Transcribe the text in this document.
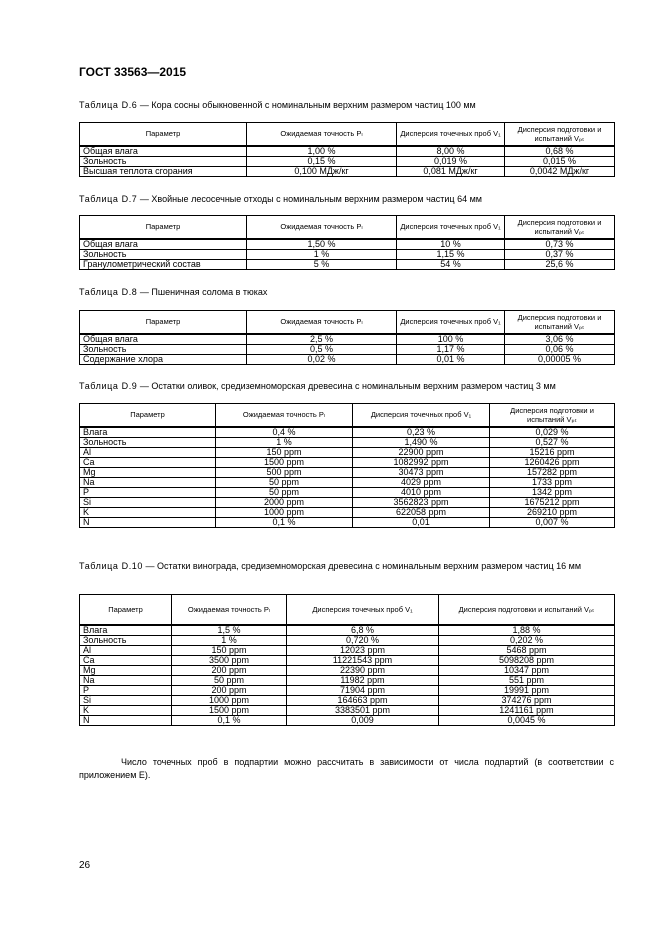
ГОСТ 33563—2015
Таблица D.6 — Кора сосны обыкновенной с номинальным верхним размером частиц 100 мм
Параметр	Ожидаемая точность Pₗ	Дисперсия точечных проб V₁	Дисперсия подготовки и испытаний Vₚₜ
Общая влага	1,00 %	8,00 %	0,68 %
Зольность	0,15 %	0,019 %	0,015 %
Высшая теплота сгорания	0,100 МДж/кг	0,081 МДж/кг	0,0042 МДж/кг
Таблица D.7 — Хвойные лесосечные отходы с номинальным верхним размером частиц 64 мм
Параметр	Ожидаемая точность Pₗ	Дисперсия точечных проб V₁	Дисперсия подготовки и испытаний Vₚₜ
Общая влага	1,50 %	10 %	0,73 %
Зольность	1 %	1,15 %	0,37 %
Гранулометрический состав	5 %	54 %	25,6 %
Таблица D.8 — Пшеничная солома в тюках
Параметр	Ожидаемая точность Pₗ	Дисперсия точечных проб V₁	Дисперсия подготовки и испытаний Vₚₜ
Общая влага	2,5 %	100 %	3,06 %
Зольность	0,5 %	1,17 %	0,06 %
Содержание хлора	0,02 %	0,01 %	0,00005 %
Таблица D.9 — Остатки оливок, средиземноморская древесина с номинальным верхним размером частиц 3 мм
Параметр	Ожидаемая точность Pₗ	Дисперсия точечных проб V₁	Дисперсия подготовки и испытаний Vₚₜ
Влага	0,4 %	0,23 %	0,029 %
Зольность	1 %	1,490 %	0,527 %
Al	150 ppm	22900 ppm	15216 ppm
Ca	1500 ppm	1082992 ppm	1260426 ppm
Mg	500 ppm	30473 ppm	157282 ppm
Na	50 ppm	4029 ppm	1733 ppm
P	50 ppm	4010 ppm	1342 ppm
Si	2000 ppm	3562823 ppm	1675212 ppm
K	1000 ppm	622058 ppm	269210 ppm
N	0,1 %	0,01	0,007 %
Таблица D.10 — Остатки винограда, средиземноморская древесина с номинальным верхним размером частиц 16 мм
Параметр	Ожидаемая точность Pₗ	Дисперсия точечных проб V₁	Дисперсия подготовки и испытаний Vₚₜ
Влага	1,5 %	6,8 %	1,88 %
Зольность	1 %	0,720 %	0,202 %
Al	150 ppm	12023 ppm	5468 ppm
Ca	3500 ppm	11221543 ppm	5098208 ppm
Mg	200 ppm	22390 ppm	10347 ppm
Na	50 ppm	11982 ppm	551 ppm
P	200 ppm	71904 ppm	19991 ppm
Si	1000 ppm	164663 ppm	374276 ppm
K	1500 ppm	3383501 ppm	1241161 ppm
N	0,1 %	0,009	0,0045 %
Число точечных проб в подпартии можно рассчитать в зависимости от числа подпартий (в соответствии с приложением E).
26
